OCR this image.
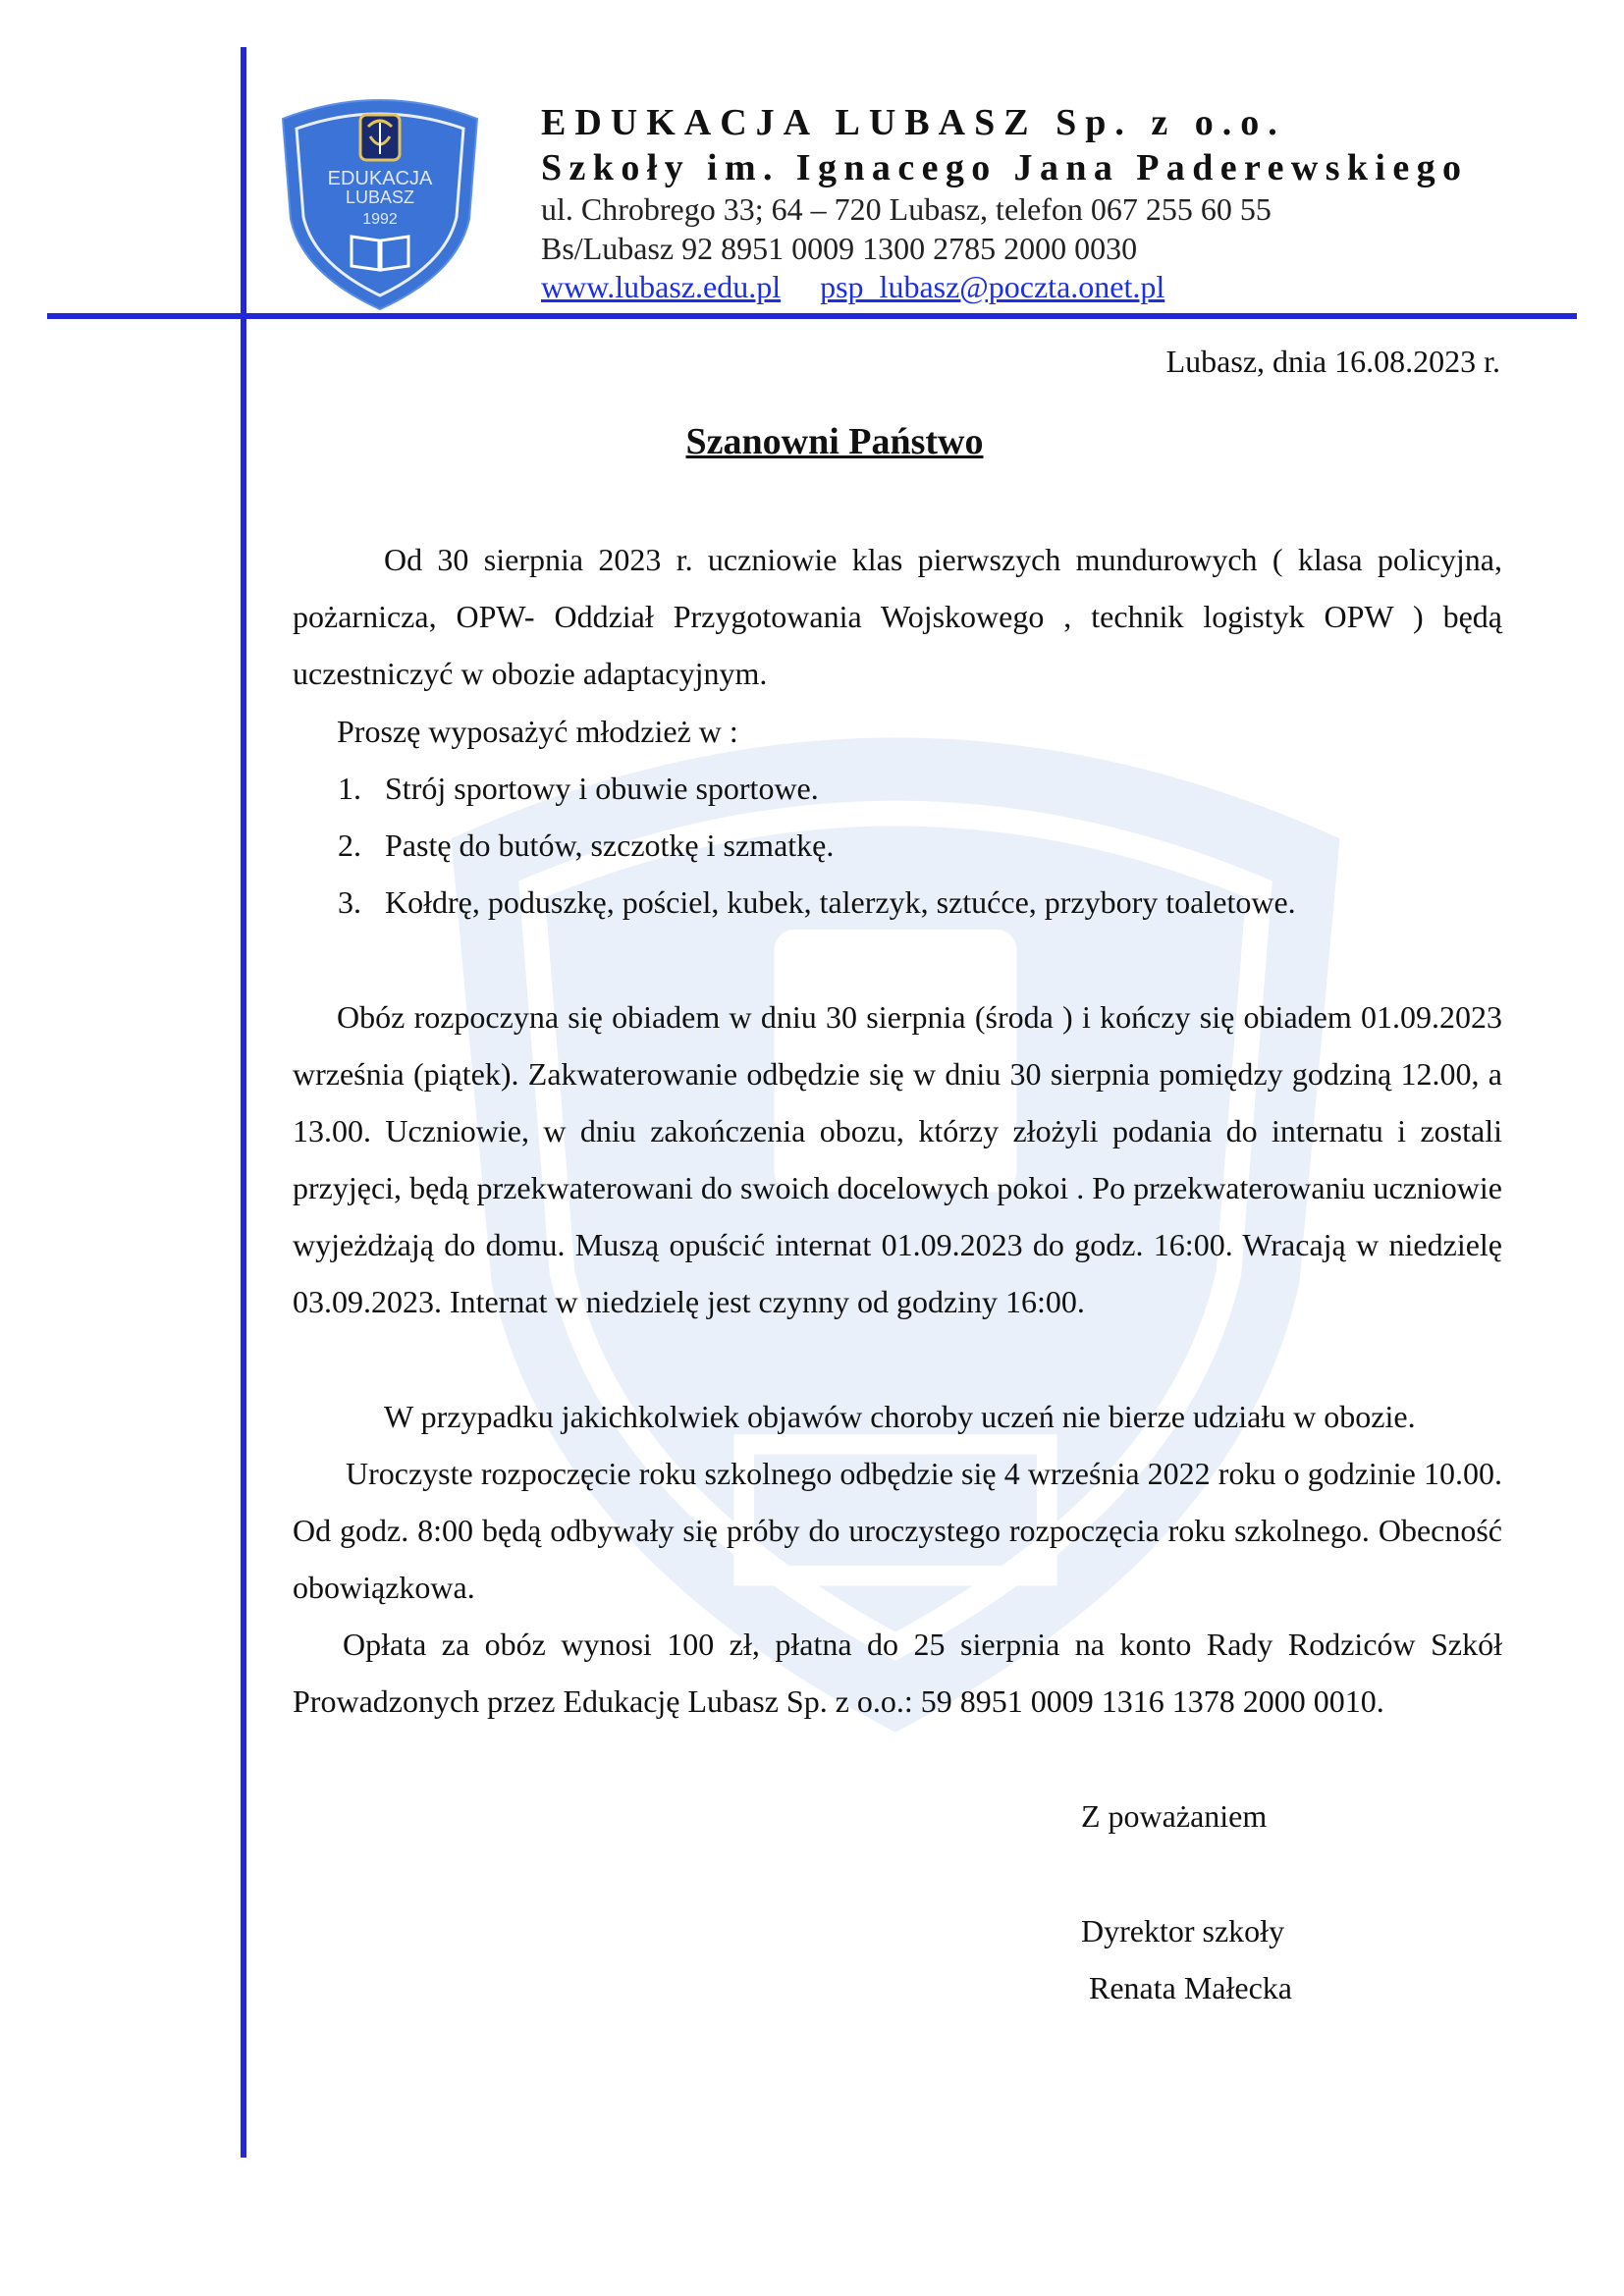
EDUKACJA
LUBASZ
1992
EDUKACJA LUBASZ Sp. z o.o.
Szkoły im. Ignacego Jana Paderewskiego
ul. Chrobrego 33; 64 – 720 Lubasz, telefon 067 255 60 55
Bs/Lubasz 92 8951 0009 1300 2785 2000 0030
www.lubasz.edu.pl psp_lubasz@poczta.onet.pl
Lubasz, dnia 16.08.2023 r.
Szanowni Państwo

Od 30 sierpnia 2023 r. uczniowie klas pierwszych mundurowych ( klasa policyjna, pożarnicza, OPW- Oddział Przygotowania Wojskowego , technik logistyk OPW ) będą uczestniczyć w obozie adaptacyjnym.

Proszę wyposażyć młodzież w :

1. Strój sportowy i obuwie sportowe.
2. Pastę do butów, szczotkę i szmatkę.
3. Kołdrę, poduszkę, pościel, kubek, talerzyk, sztućce, przybory toaletowe.

Obóz rozpoczyna się obiadem w dniu 30 sierpnia (środa ) i kończy się obiadem 01.09.2023 września (piątek). Zakwaterowanie odbędzie się w dniu 30 sierpnia pomiędzy godziną 12.00, a 13.00. Uczniowie, w dniu zakończenia obozu, którzy złożyli podania do internatu i zostali przyjęci, będą przekwaterowani do swoich docelowych pokoi . Po przekwaterowaniu uczniowie wyjeżdżają do domu. Muszą opuścić internat 01.09.2023 do godz. 16:00. Wracają w niedzielę 03.09.2023. Internat w niedzielę jest czynny od godziny 16:00.

W przypadku jakichkolwiek objawów choroby uczeń nie bierze udziału w obozie.

Uroczyste rozpoczęcie roku szkolnego odbędzie się 4 września 2022 roku o godzinie 10.00. Od godz. 8:00 będą odbywały się próby do uroczystego rozpoczęcia roku szkolnego. Obecność obowiązkowa.

Opłata za obóz wynosi 100 zł, płatna do 25 sierpnia na konto Rady Rodziców Szkół Prowadzonych przez Edukację Lubasz Sp. z o.o.: 59 8951 0009 1316 1378 2000 0010.

Z poważaniem
Dyrektor szkoły
Renata Małecka
